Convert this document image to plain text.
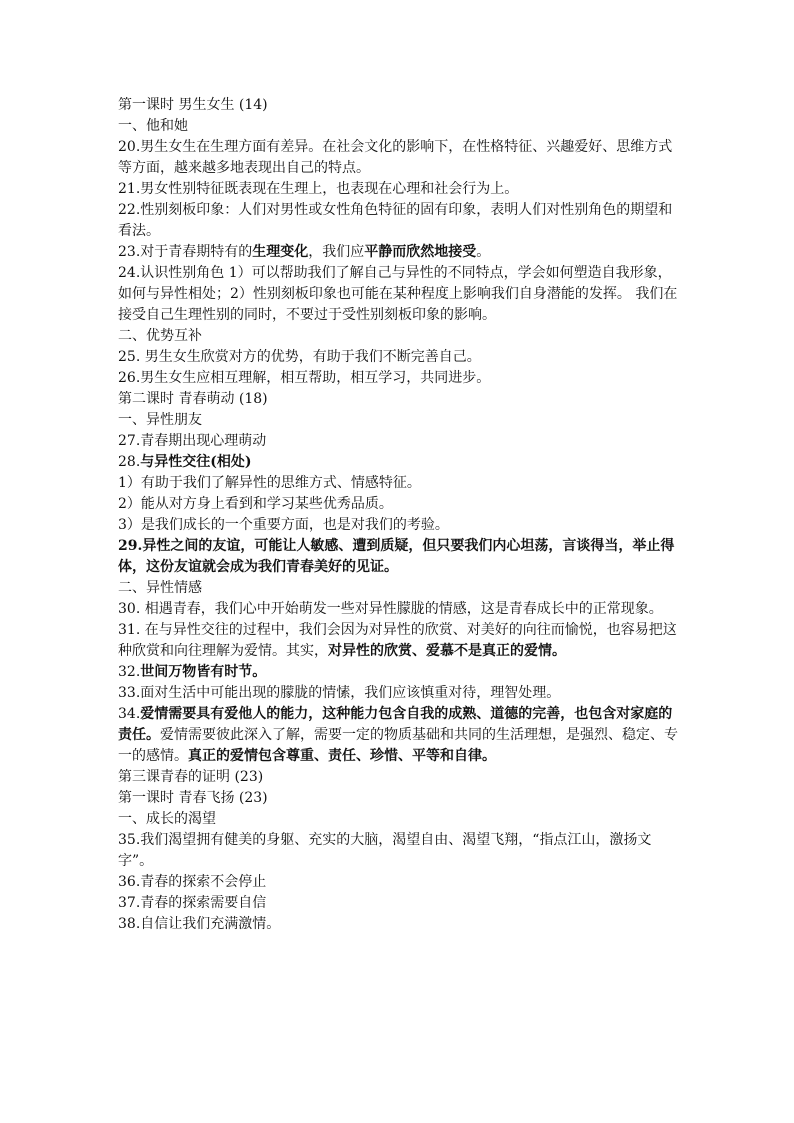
第一课时 男生女生 (14)
一、他和她
20.男生女生在生理方面有差异。在社会文化的影响下，在性格特征、兴趣爱好、思维方式等方面，越来越多地表现出自己的特点。
21.男女性别特征既表现在生理上，也表现在心理和社会行为上。
22.性别刻板印象：人们对男性或女性角色特征的固有印象，表明人们对性别角色的期望和看法。
23.对于青春期特有的生理变化，我们应平静而欣然地接受。
24.认识性别角色 1）可以帮助我们了解自己与异性的不同特点，学会如何塑造自我形象，如何与异性相处；2）性别刻板印象也可能在某种程度上影响我们自身潜能的发挥。 我们在接受自己生理性别的同时，不要过于受性别刻板印象的影响。
二、优势互补
25. 男生女生欣赏对方的优势，有助于我们不断完善自己。
26.男生女生应相互理解，相互帮助，相互学习，共同进步。
第二课时 青春萌动 (18)
一、异性朋友
27.青春期出现心理萌动
28.与异性交往(相处)
1）有助于我们了解异性的思维方式、情感特征。
2）能从对方身上看到和学习某些优秀品质。
3）是我们成长的一个重要方面，也是对我们的考验。
29.异性之间的友谊，可能让人敏感、遭到质疑，但只要我们内心坦荡，言谈得当，举止得体，这份友谊就会成为我们青春美好的见证。
二、异性情感
30. 相遇青春，我们心中开始萌发一些对异性朦胧的情感，这是青春成长中的正常现象。
31. 在与异性交往的过程中，我们会因为对异性的欣赏、对美好的向往而愉悦，也容易把这种欣赏和向往理解为爱情。其实，对异性的欣赏、爱慕不是真正的爱情。
32.世间万物皆有时节。
33.面对生活中可能出现的朦胧的情愫，我们应该慎重对待，理智处理。
34.爱情需要具有爱他人的能力，这种能力包含自我的成熟、道德的完善，也包含对家庭的责任。爱情需要彼此深入了解，需要一定的物质基础和共同的生活理想，是强烈、稳定、专一的感情。真正的爱情包含尊重、责任、珍惜、平等和自律。
第三课青春的证明 (23)
第一课时 青春飞扬 (23)
一、成长的渴望
35.我们渴望拥有健美的身躯、充实的大脑，渴望自由、渴望飞翔，“指点江山，激扬文字”。
36.青春的探索不会停止
37.青春的探索需要自信
38.自信让我们充满激情。
